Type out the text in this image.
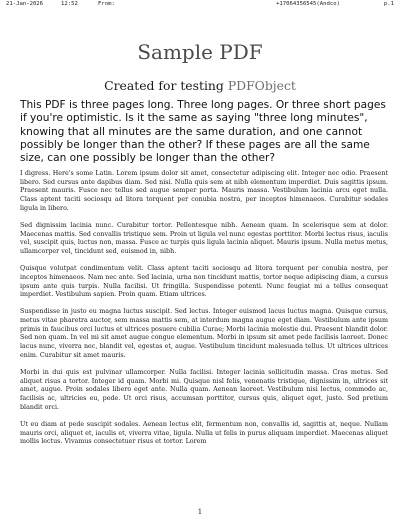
21-Jan-2026	12:52	From:	+17064356545(Andco)	p.1
Sample PDF
Created for testing PDFObject

This PDF is three pages long. Three long pages. Or three short pages if you're optimistic. Is it the same as saying "three long minutes", knowing that all minutes are the same duration, and one cannot possibly be longer than the other? If these pages are all the same size, can one possibly be longer than the other?

I digress. Here's some Latin. Lorem ipsum dolor sit amet, consectetur adipiscing elit. Integer nec odio. Praesent libero. Sed cursus ante dapibus diam. Sed nisi. Nulla quis sem at nibh elementum imperdiet. Duis sagittis ipsum. Praesent mauris. Fusce nec tellus sed augue semper porta. Mauris massa. Vestibulum lacinia arcu eget nulla. Class aptent taciti sociosqu ad litora torquent per conubia nostra, per inceptos himenaeos. Curabitur sodales ligula in libero.

Sed dignissim lacinia nunc. Curabitur tortor. Pellentesque nibh. Aenean quam. In scelerisque sem at dolor. Maecenas mattis. Sed convallis tristique sem. Proin ut ligula vel nunc egestas porttitor. Morbi lectus risus, iaculis vel, suscipit quis, luctus non, massa. Fusce ac turpis quis ligula lacinia aliquet. Mauris ipsum. Nulla metus metus, ullamcorper vel, tincidunt sed, euismod in, nibh.

Quisque volutpat condimentum velit. Class aptent taciti sociosqu ad litora torquent per conubia nostra, per inceptos himenaeos. Nam nec ante. Sed lacinia, urna non tincidunt mattis, tortor neque adipiscing diam, a cursus ipsum ante quis turpis. Nulla facilisi. Ut fringilla. Suspendisse potenti. Nunc feugiat mi a tellus consequat imperdiet. Vestibulum sapien. Proin quam. Etiam ultrices.

Suspendisse in justo eu magna luctus suscipit. Sed lectus. Integer euismod lacus luctus magna. Quisque cursus, metus vitae pharetra auctor, sem massa mattis sem, at interdum magna augue eget diam. Vestibulum ante ipsum primis in faucibus orci luctus et ultrices posuere cubilia Curae; Morbi lacinia molestie dui. Praesent blandit dolor. Sed non quam. In vel mi sit amet augue congue elementum. Morbi in ipsum sit amet pede facilisis laoreet. Donec lacus nunc, viverra nec, blandit vel, egestas et, augue. Vestibulum tincidunt malesuada tellus. Ut ultrices ultrices enim. Curabitur sit amet mauris.

Morbi in dui quis est pulvinar ullamcorper. Nulla facilisi. Integer lacinia sollicitudin massa. Cras metus. Sed aliquet risus a tortor. Integer id quam. Morbi mi. Quisque nisl felis, venenatis tristique, dignissim in, ultrices sit amet, augue. Proin sodales libero eget ante. Nulla quam. Aenean laoreet. Vestibulum nisi lectus, commodo ac, facilisis ac, ultricies eu, pede. Ut orci risus, accumsan porttitor, cursus quis, aliquet eget, justo. Sed pretium blandit orci.

Ut eu diam at pede suscipit sodales. Aenean lectus elit, fermentum non, convallis id, sagittis at, neque. Nullam mauris orci, aliquet et, iaculis et, viverra vitae, ligula. Nulla ut felis in purus aliquam imperdiet. Maecenas aliquet mollis lectus. Vivamus consectetuer risus et tortor. Lorem

1
